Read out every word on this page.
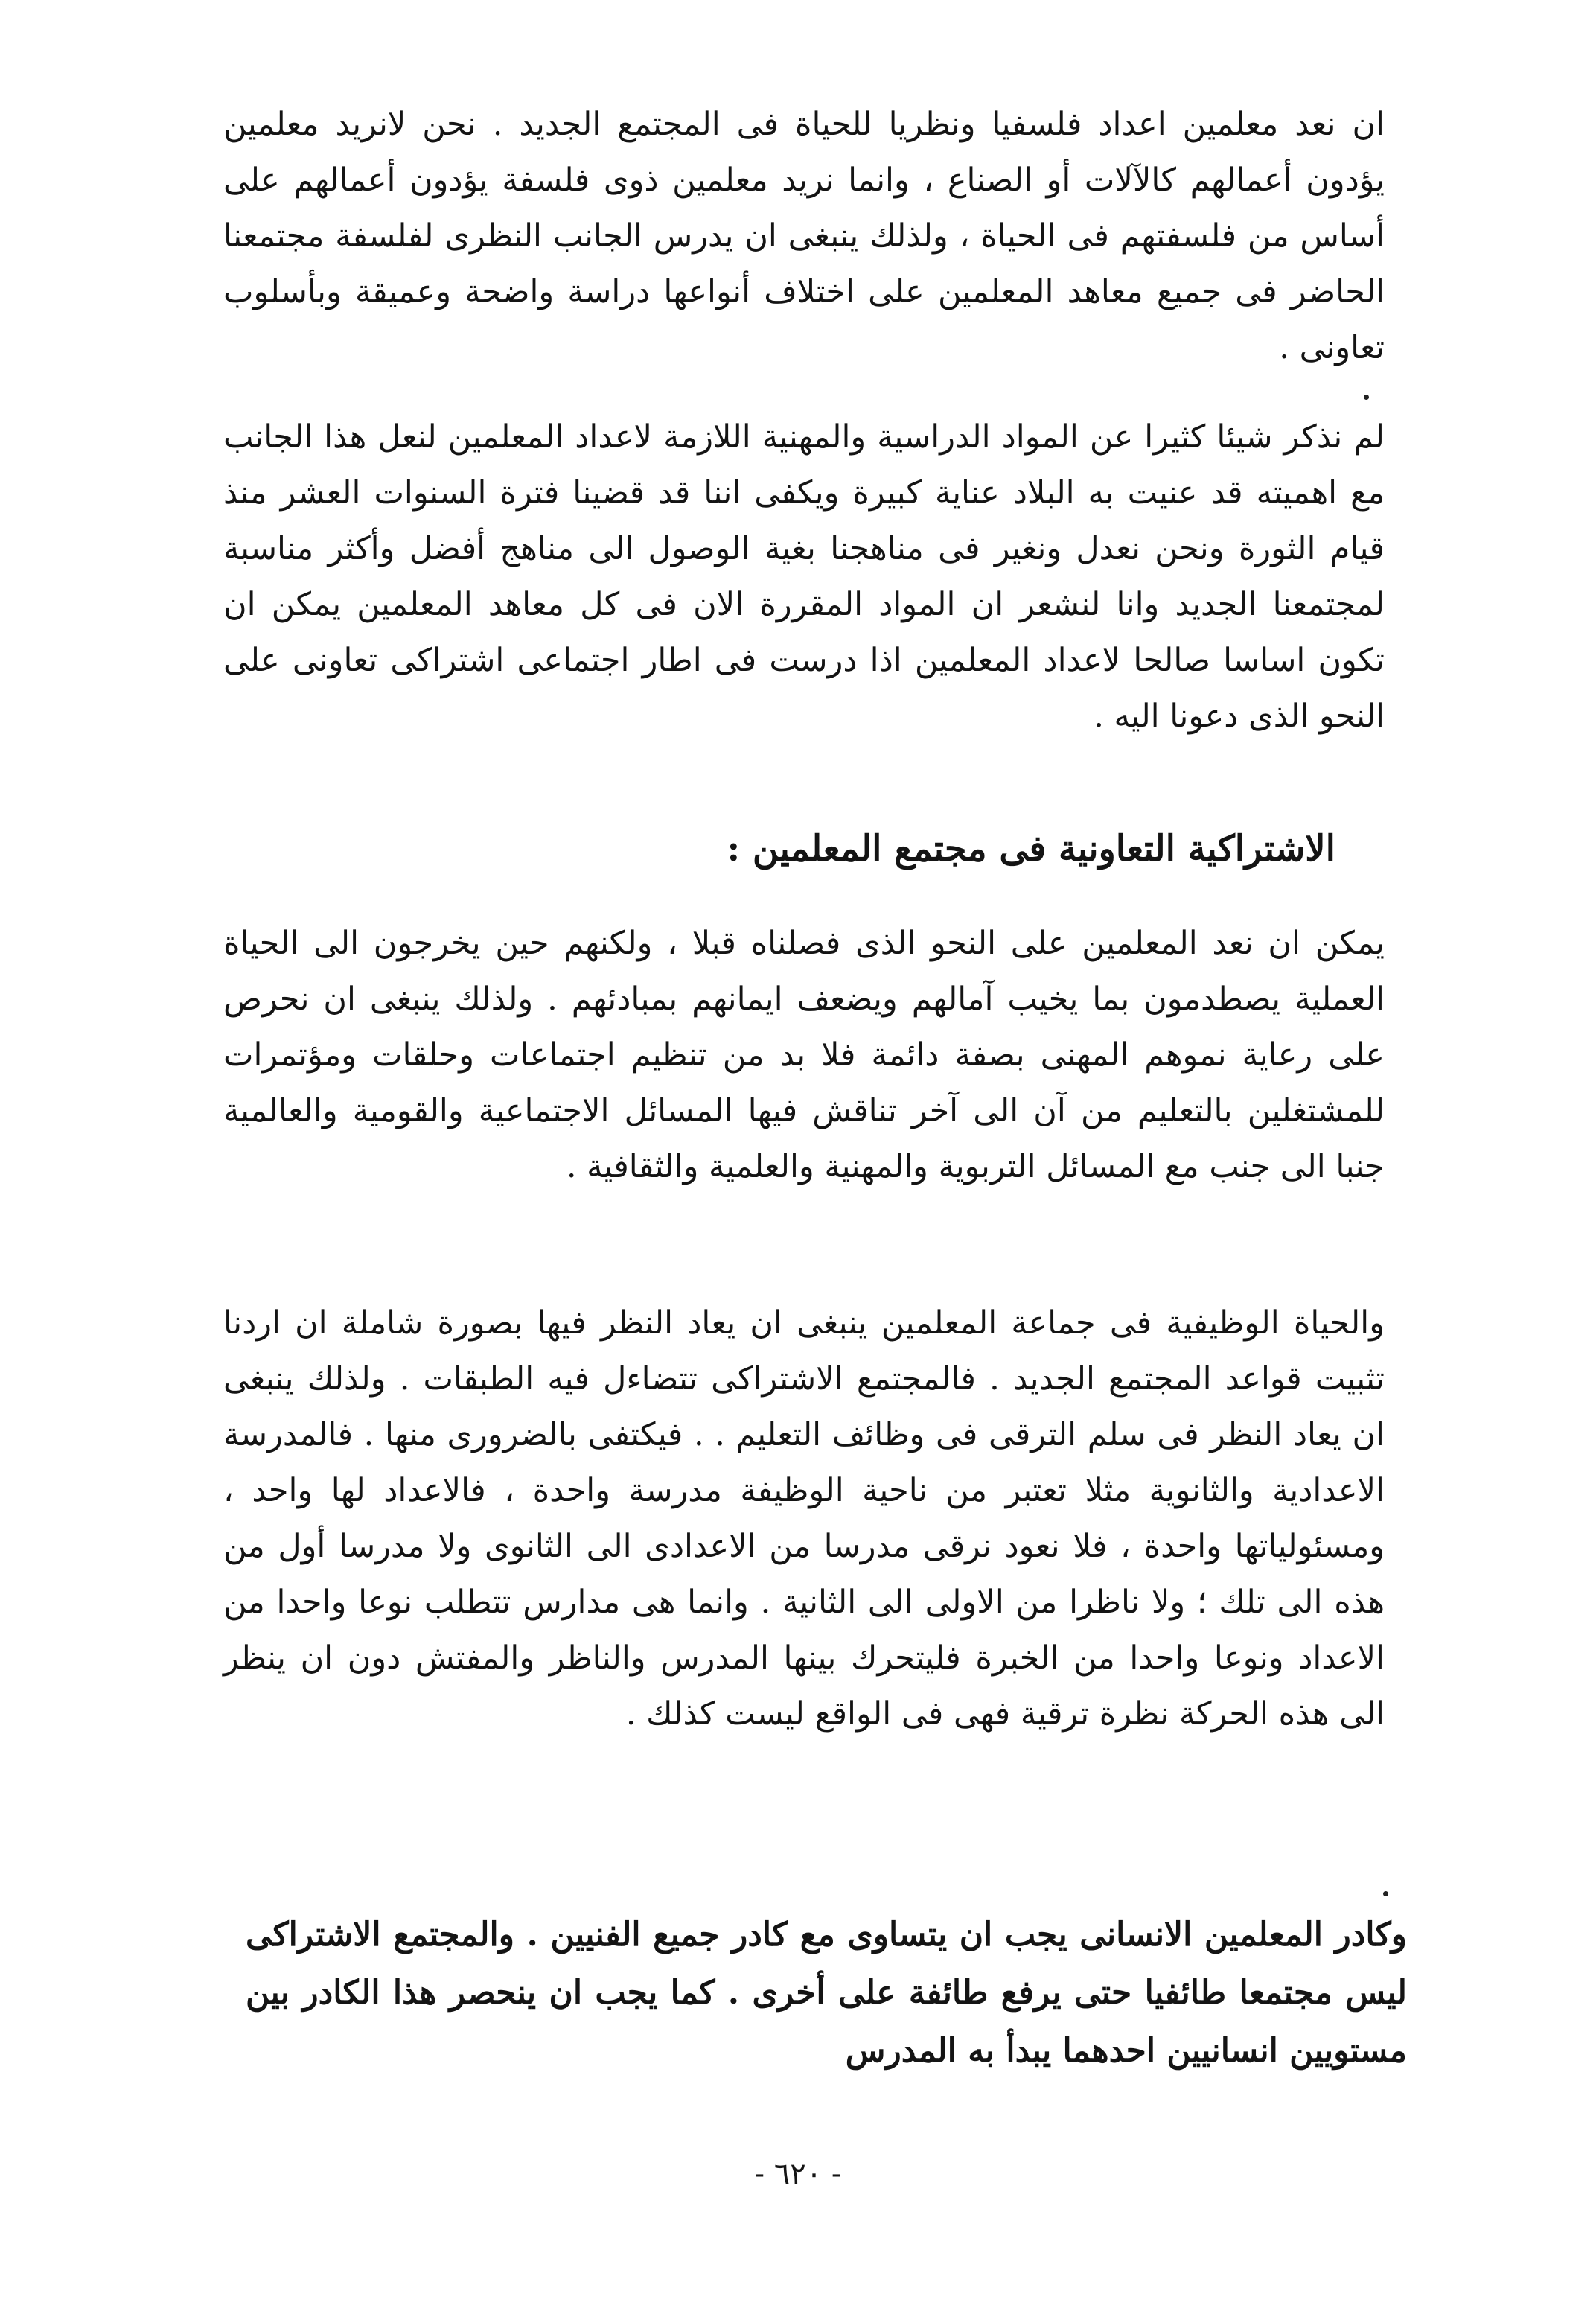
ان نعد معلمين اعداد فلسفيا ونظريا للحياة فى المجتمع الجديد . نحن لانريد معلمين يؤدون أعمالهم كالآلات أو الصناع ، وانما نريد معلمين ذوى فلسفة يؤدون أعمالهم على أساس من فلسفتهم فى الحياة ، ولذلك ينبغى ان يدرس الجانب النظرى لفلسفة مجتمعنا الحاضر فى جميع معاهد المعلمين على اختلاف أنواعها دراسة واضحة وعميقة وبأسلوب تعاونى .

لم نذكر شيئا كثيرا عن المواد الدراسية والمهنية اللازمة لاعداد المعلمين لنعل هذا الجانب مع اهميته قد عنيت به البلاد عناية كبيرة ويكفى اننا قد قضينا فترة السنوات العشر منذ قيام الثورة ونحن نعدل ونغير فى مناهجنا بغية الوصول الى مناهج أفضل وأكثر مناسبة لمجتمعنا الجديد وانا لنشعر ان المواد المقررة الان فى كل معاهد المعلمين يمكن ان تكون اساسا صالحا لاعداد المعلمين اذا درست فى اطار اجتماعى اشتراكى تعاونى على النحو الذى دعونا اليه .

الاشتراكية التعاونية فى مجتمع المعلمين :

يمكن ان نعد المعلمين على النحو الذى فصلناه قبلا ، ولكنهم حين يخرجون الى الحياة العملية يصطدمون بما يخيب آمالهم ويضعف ايمانهم بمبادئهم . ولذلك ينبغى ان نحرص على رعاية نموهم المهنى بصفة دائمة فلا بد من تنظيم اجتماعات وحلقات ومؤتمرات للمشتغلين بالتعليم من آن الى آخر تناقش فيها المسائل الاجتماعية والقومية والعالمية جنبا الى جنب مع المسائل التربوية والمهنية والعلمية والثقافية .

والحياة الوظيفية فى جماعة المعلمين ينبغى ان يعاد النظر فيها بصورة شاملة ان اردنا تثبيت قواعد المجتمع الجديد . فالمجتمع الاشتراكى تتضاءل فيه الطبقات . ولذلك ينبغى ان يعاد النظر فى سلم الترقى فى وظائف التعليم . . فيكتفى بالضرورى منها . فالمدرسة الاعدادية والثانوية مثلا تعتبر من ناحية الوظيفة مدرسة واحدة ، فالاعداد لها واحد ، ومسئولياتها واحدة ، فلا نعود نرقى مدرسا من الاعدادى الى الثانوى ولا مدرسا أول من هذه الى تلك ؛ ولا ناظرا من الاولى الى الثانية . وانما هى مدارس تتطلب نوعا واحدا من الاعداد ونوعا واحدا من الخبرة فليتحرك بينها المدرس والناظر والمفتش دون ان ينظر الى هذه الحركة نظرة ترقية فهى فى الواقع ليست كذلك .

وكادر المعلمين الانسانى يجب ان يتساوى مع كادر جميع الفنيين . والمجتمع الاشتراكى ليس مجتمعا طائفيا حتى يرفع طائفة على أخرى . كما يجب ان ينحصر هذا الكادر بين مستويين انسانيين احدهما يبدأ به المدرس

- ٦٢٠ -
